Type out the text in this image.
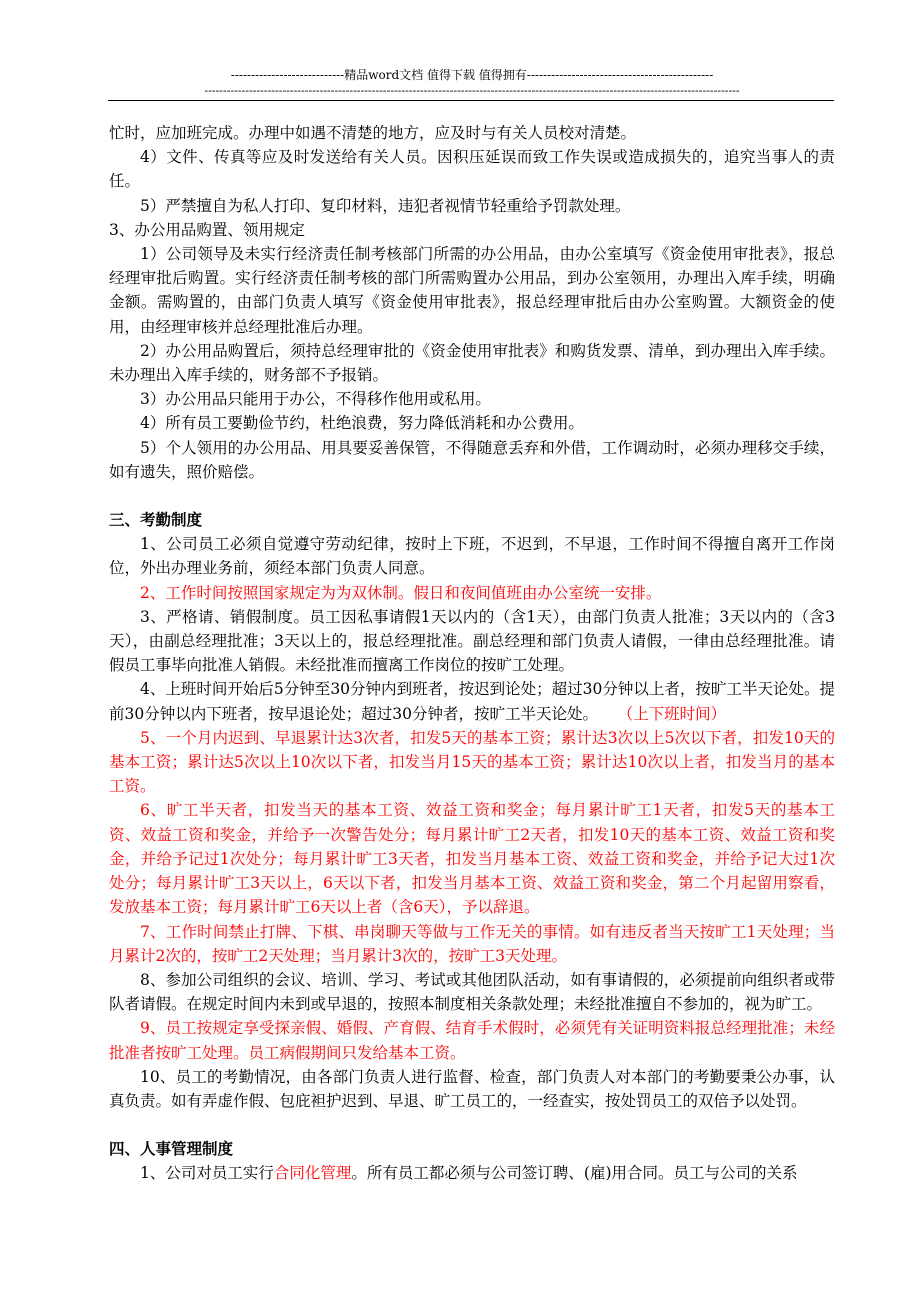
----------------------------精品word文档 值得下载 值得拥有----------------------------------------------
------------------------------------------------------------------------------------------------------------------------------------------------

忙时，应加班完成。办理中如遇不清楚的地方，应及时与有关人员校对清楚。

4）文件、传真等应及时发送给有关人员。因积压延误而致工作失误或造成损失的，追究当事人的责任。

5）严禁擅自为私人打印、复印材料，违犯者视情节轻重给予罚款处理。

3、办公用品购置、领用规定

1）公司领导及未实行经济责任制考核部门所需的办公用品，由办公室填写《资金使用审批表》，报总经理审批后购置。实行经济责任制考核的部门所需购置办公用品，到办公室领用，办理出入库手续，明确金额。需购置的，由部门负责人填写《资金使用审批表》，报总经理审批后由办公室购置。大额资金的使用，由经理审核并总经理批准后办理。

2）办公用品购置后，须持总经理审批的《资金使用审批表》和购货发票、清单，到办理出入库手续。未办理出入库手续的，财务部不予报销。

3）办公用品只能用于办公，不得移作他用或私用。

4）所有员工要勤俭节约，杜绝浪费，努力降低消耗和办公费用。

5）个人领用的办公用品、用具要妥善保管，不得随意丢弃和外借，工作调动时，必须办理移交手续，如有遗失，照价赔偿。

三、考勤制度

1、公司员工必须自觉遵守劳动纪律，按时上下班，不迟到，不早退，工作时间不得擅自离开工作岗位，外出办理业务前，须经本部门负责人同意。

2、工作时间按照国家规定为为双休制。假日和夜间值班由办公室统一安排。

3、严格请、销假制度。员工因私事请假1天以内的（含1天），由部门负责人批准；3天以内的（含3天），由副总经理批准；3天以上的，报总经理批准。副总经理和部门负责人请假，一律由总经理批准。请假员工事毕向批准人销假。未经批准而擅离工作岗位的按旷工处理。

4、上班时间开始后5分钟至30分钟内到班者，按迟到论处；超过30分钟以上者，按旷工半天论处。提前30分钟以内下班者，按早退论处；超过30分钟者，按旷工半天论处。 （上下班时间）

5、一个月内迟到、早退累计达3次者，扣发5天的基本工资；累计达3次以上5次以下者，扣发10天的基本工资；累计达5次以上10次以下者，扣发当月15天的基本工资；累计达10次以上者，扣发当月的基本工资。

6、旷工半天者，扣发当天的基本工资、效益工资和奖金；每月累计旷工1天者，扣发5天的基本工资、效益工资和奖金，并给予一次警告处分；每月累计旷工2天者，扣发10天的基本工资、效益工资和奖金，并给予记过1次处分；每月累计旷工3天者，扣发当月基本工资、效益工资和奖金，并给予记大过1次处分；每月累计旷工3天以上，6天以下者，扣发当月基本工资、效益工资和奖金，第二个月起留用察看，发放基本工资；每月累计旷工6天以上者（含6天），予以辞退。

7、工作时间禁止打牌、下棋、串岗聊天等做与工作无关的事情。如有违反者当天按旷工1天处理；当月累计2次的，按旷工2天处理；当月累计3次的，按旷工3天处理。

8、参加公司组织的会议、培训、学习、考试或其他团队活动，如有事请假的，必须提前向组织者或带队者请假。在规定时间内未到或早退的，按照本制度相关条款处理；未经批准擅自不参加的，视为旷工。

9、员工按规定享受探亲假、婚假、产育假、结育手术假时，必须凭有关证明资料报总经理批准；未经批准者按旷工处理。员工病假期间只发给基本工资。

10、员工的考勤情况，由各部门负责人进行监督、检查，部门负责人对本部门的考勤要秉公办事，认真负责。如有弄虚作假、包庇袒护迟到、早退、旷工员工的，一经查实，按处罚员工的双倍予以处罚。

四、人事管理制度

1、公司对员工实行合同化管理。所有员工都必须与公司签订聘、(雇)用合同。员工与公司的关系
